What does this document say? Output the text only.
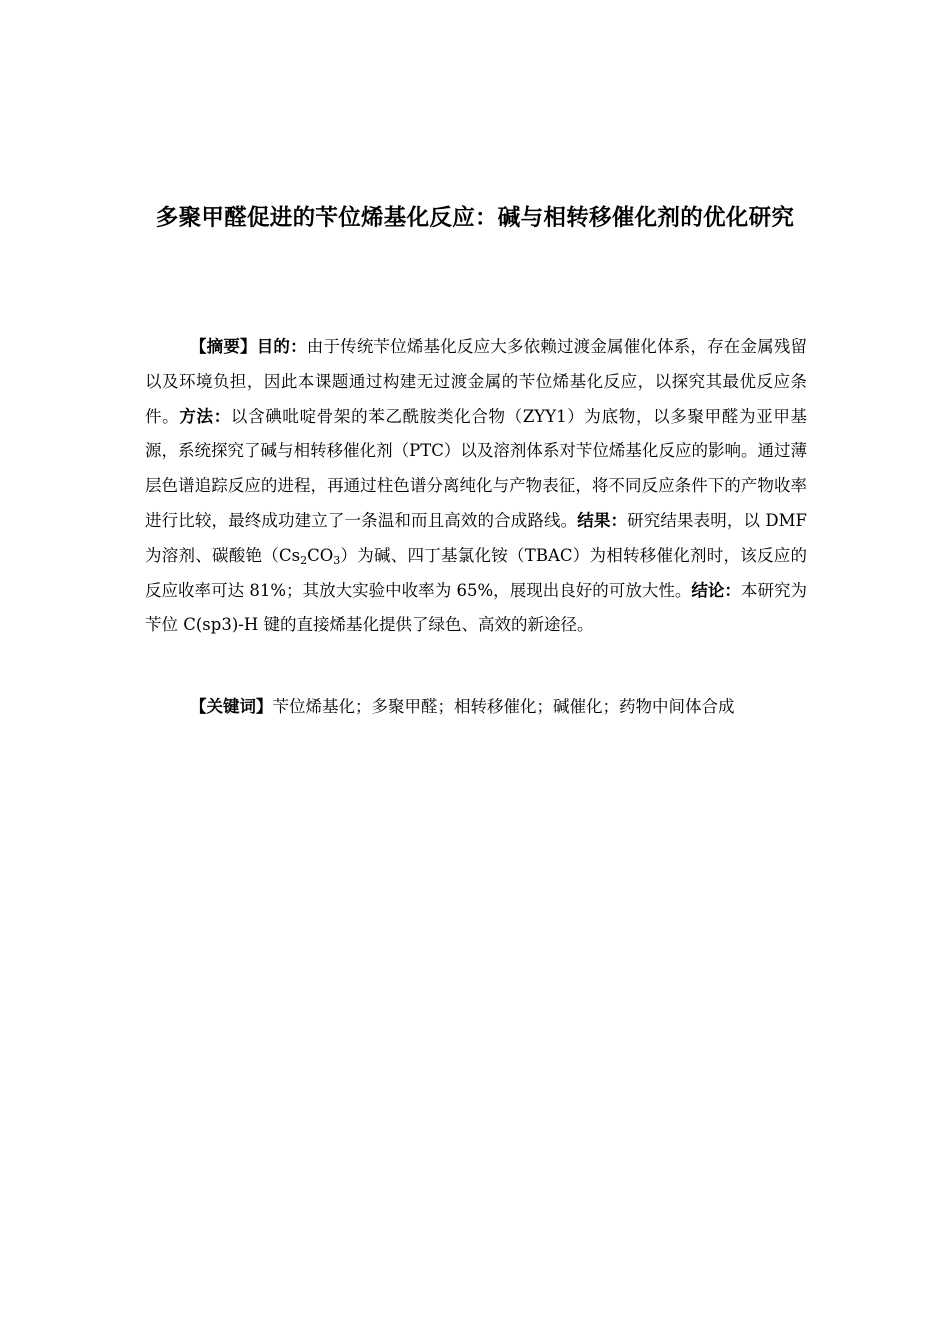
多聚甲醛促进的苄位烯基化反应：碱与相转移催化剂的优化研究
【摘要】目的：由于传统苄位烯基化反应大多依赖过渡金属催化体系，存在金属残留以及环境负担，因此本课题通过构建无过渡金属的苄位烯基化反应，以探究其最优反应条件。方法：以含碘吡啶骨架的苯乙酰胺类化合物（ZYY1）为底物，以多聚甲醛为亚甲基源，系统探究了碱与相转移催化剂（PTC）以及溶剂体系对苄位烯基化反应的影响。通过薄层色谱追踪反应的进程，再通过柱色谱分离纯化与产物表征，将不同反应条件下的产物收率进行比较，最终成功建立了一条温和而且高效的合成路线。结果：研究结果表明，以 DMF 为溶剂、碳酸铯$(Cs_2CO_3)$为碱、四丁基氯化铵（TBAC）为相转移催化剂时，该反应的反应收率可达 81%；其放大实验中收率为 65%，展现出良好的可放大性。结论：本研究为苄位 C(sp3)-H 键的直接烯基化提供了绿色、高效的新途径。
【关键词】苄位烯基化；多聚甲醛；相转移催化；碱催化；药物中间体合成
